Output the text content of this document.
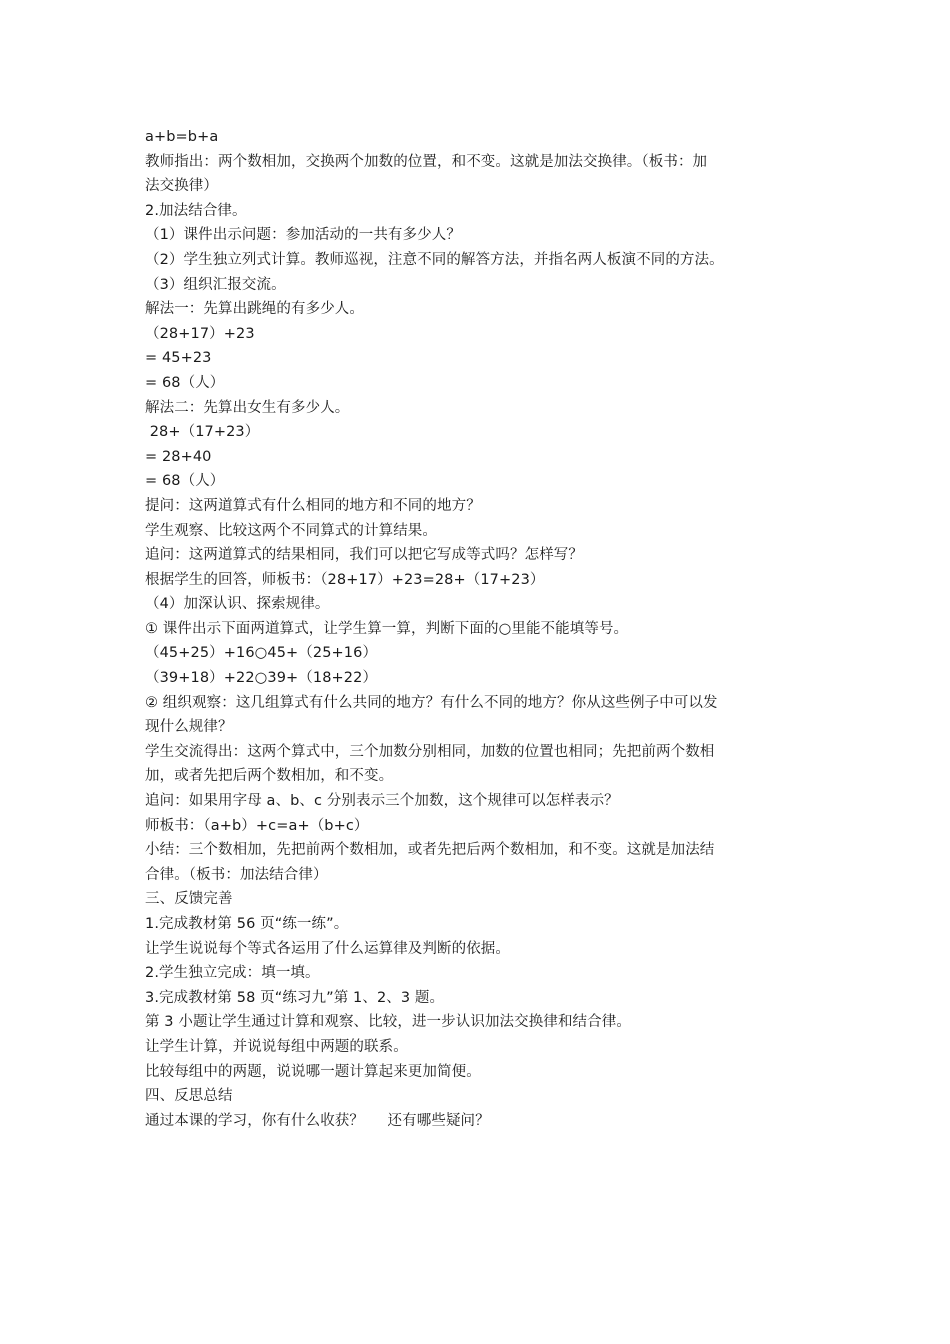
a+b=b+a
教师指出：两个数相加，交换两个加数的位置，和不变。这就是加法交换律。（板书：加
法交换律）
2.加法结合律。
（1）课件出示问题：参加活动的一共有多少人？
（2）学生独立列式计算。教师巡视，注意不同的解答方法，并指名两人板演不同的方法。
（3）组织汇报交流。
解法一：先算出跳绳的有多少人。
（28+17）+23
= 45+23
= 68（人）
解法二：先算出女生有多少人。
28+（17+23）
= 28+40
= 68（人）
提问：这两道算式有什么相同的地方和不同的地方？
学生观察、比较这两个不同算式的计算结果。
追问：这两道算式的结果相同，我们可以把它写成等式吗？怎样写？
根据学生的回答，师板书：（28+17）+23=28+（17+23）
（4）加深认识、探索规律。
① 课件出示下面两道算式，让学生算一算，判断下面的○里能不能填等号。
（45+25）+16○45+（25+16）
（39+18）+22○39+（18+22）
② 组织观察：这几组算式有什么共同的地方？有什么不同的地方？你从这些例子中可以发
现什么规律？
学生交流得出：这两个算式中，三个加数分别相同，加数的位置也相同；先把前两个数相
加，或者先把后两个数相加，和不变。
追问：如果用字母 a、b、c 分别表示三个加数，这个规律可以怎样表示？
师板书：（a+b）+c=a+（b+c）
小结：三个数相加，先把前两个数相加，或者先把后两个数相加，和不变。这就是加法结
合律。（板书：加法结合律）
三、反馈完善
1.完成教材第 56 页“练一练”。
让学生说说每个等式各运用了什么运算律及判断的依据。
2.学生独立完成：填一填。
3.完成教材第 58 页“练习九”第 1、2、3 题。
第 3 小题让学生通过计算和观察、比较，进一步认识加法交换律和结合律。
让学生计算，并说说每组中两题的联系。
比较每组中的两题，说说哪一题计算起来更加简便。
四、反思总结
通过本课的学习，你有什么收获？     还有哪些疑问？
